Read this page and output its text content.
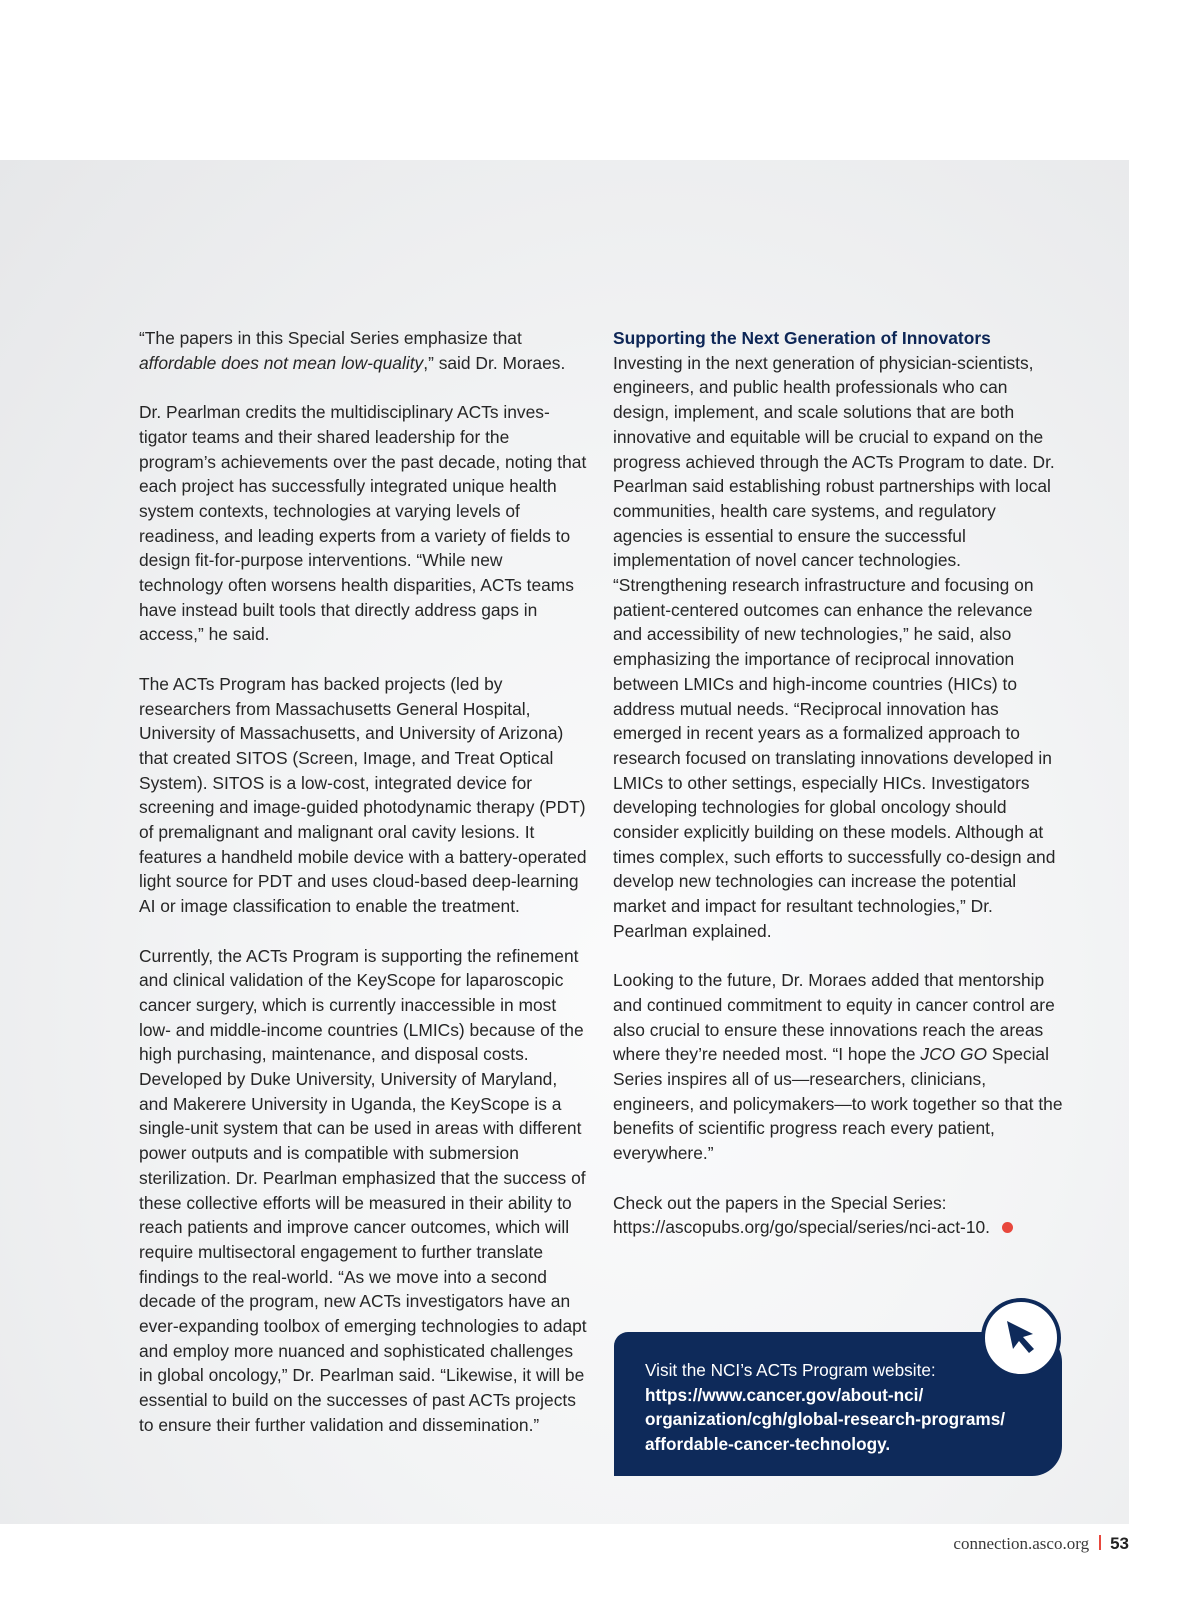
“The papers in this Special Series emphasize that affordable does not mean low-quality,” said Dr. Moraes.

Dr. Pearlman credits the multidisciplinary ACTs investigator teams and their shared leadership for the program’s achievements over the past decade, noting that each project has successfully integrated unique health system contexts, technologies at varying levels of readiness, and leading experts from a variety of fields to design fit-for-purpose interventions. “While new technology often worsens health disparities, ACTs teams have instead built tools that directly address gaps in access,” he said.

The ACTs Program has backed projects (led by researchers from Massachusetts General Hospital, University of Massachusetts, and University of Arizona) that created SITOS (Screen, Image, and Treat Optical System). SITOS is a low-cost, integrated device for screening and image-guided photodynamic therapy (PDT) of premalignant and malignant oral cavity lesions. It features a handheld mobile device with a battery-operated light source for PDT and uses cloud-based deep-learning AI or image classification to enable the treatment.

Currently, the ACTs Program is supporting the refinement and clinical validation of the KeyScope for laparoscopic cancer surgery, which is currently inaccessible in most low- and middle-income countries (LMICs) because of the high purchasing, maintenance, and disposal costs. Developed by Duke University, University of Maryland, and Makerere University in Uganda, the KeyScope is a single-unit system that can be used in areas with different power outputs and is compatible with submersion sterilization. Dr. Pearlman emphasized that the success of these collective efforts will be measured in their ability to reach patients and improve cancer outcomes, which will require multisectoral engagement to further translate findings to the real-world. “As we move into a second decade of the program, new ACTs investigators have an ever-expanding toolbox of emerging technologies to adapt and employ more nuanced and sophisticated challenges in global oncology,” Dr. Pearlman said. “Likewise, it will be essential to build on the successes of past ACTs projects to ensure their further validation and dissemination.”

Supporting the Next Generation of Innovators
Investing in the next generation of physician-scientists, engineers, and public health professionals who can design, implement, and scale solutions that are both innovative and equitable will be crucial to expand on the progress achieved through the ACTs Program to date. Dr. Pearlman said establishing robust partnerships with local communities, health care systems, and regulatory agencies is essential to ensure the successful implementation of novel cancer technologies. “Strengthening research infrastructure and focusing on patient-centered outcomes can enhance the relevance and accessibility of new technologies,” he said, also emphasizing the importance of reciprocal innovation between LMICs and high-income countries (HICs) to address mutual needs. “Reciprocal innovation has emerged in recent years as a formalized approach to research focused on translating innovations developed in LMICs to other settings, especially HICs. Investigators developing technologies for global oncology should consider explicitly building on these models. Although at times complex, such efforts to successfully co-design and develop new technologies can increase the potential market and impact for resultant technologies,” Dr. Pearlman explained.

Looking to the future, Dr. Moraes added that mentorship and continued commitment to equity in cancer control are also crucial to ensure these innovations reach the areas where they’re needed most. “I hope the JCO GO Special Series inspires all of us—researchers, clinicians, engineers, and policymakers—to work together so that the benefits of scientific progress reach every patient, everywhere.”

Check out the papers in the Special Series:
https://ascopubs.org/go/special/series/nci-act-10.

Visit the NCI’s ACTs Program website:
https://www.cancer.gov/about-nci/
organization/cgh/global-research-programs/
affordable-cancer-technology.
connection.asco.org 53
